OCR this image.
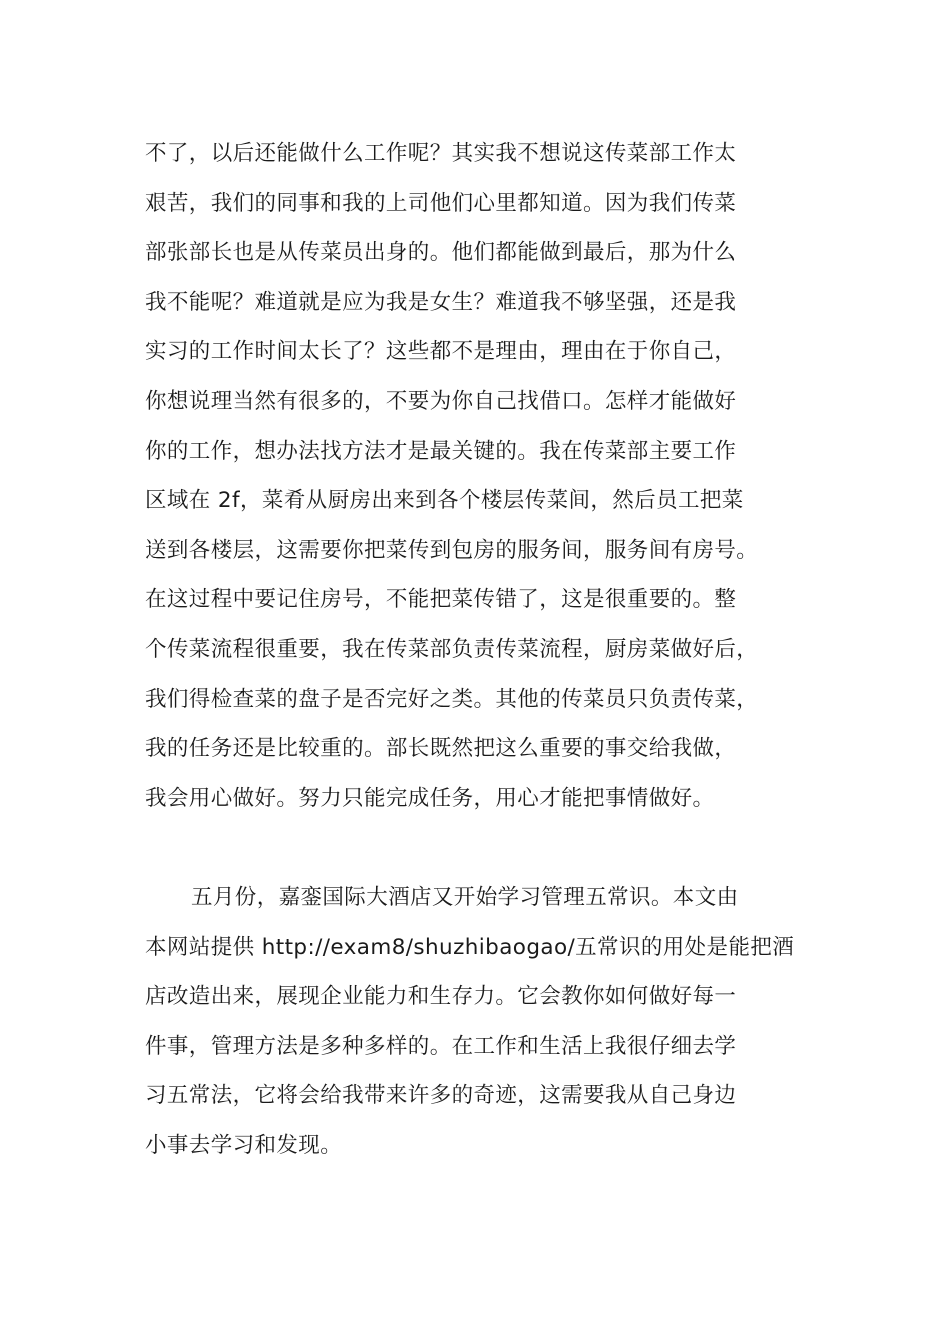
不了，以后还能做什么工作呢？其实我不想说这传菜部工作太
艰苦，我们的同事和我的上司他们心里都知道。因为我们传菜
部张部长也是从传菜员出身的。他们都能做到最后，那为什么
我不能呢？难道就是应为我是女生？难道我不够坚强，还是我
实习的工作时间太长了？这些都不是理由，理由在于你自己，
你想说理当然有很多的，不要为你自己找借口。怎样才能做好
你的工作，想办法找方法才是最关键的。我在传菜部主要工作
区域在 2f，菜肴从厨房出来到各个楼层传菜间，然后员工把菜
送到各楼层，这需要你把菜传到包房的服务间，服务间有房号。
在这过程中要记住房号，不能把菜传错了，这是很重要的。整
个传菜流程很重要，我在传菜部负责传菜流程，厨房菜做好后，
我们得检查菜的盘子是否完好之类。其他的传菜员只负责传菜，
我的任务还是比较重的。部长既然把这么重要的事交给我做，
我会用心做好。努力只能完成任务，用心才能把事情做好。
五月份，嘉銮国际大酒店又开始学习管理五常识。本文由
本网站提供 http://exam8/shuzhibaogao/五常识的用处是能把酒
店改造出来，展现企业能力和生存力。它会教你如何做好每一
件事，管理方法是多种多样的。在工作和生活上我很仔细去学
习五常法，它将会给我带来许多的奇迹，这需要我从自己身边
小事去学习和发现。
